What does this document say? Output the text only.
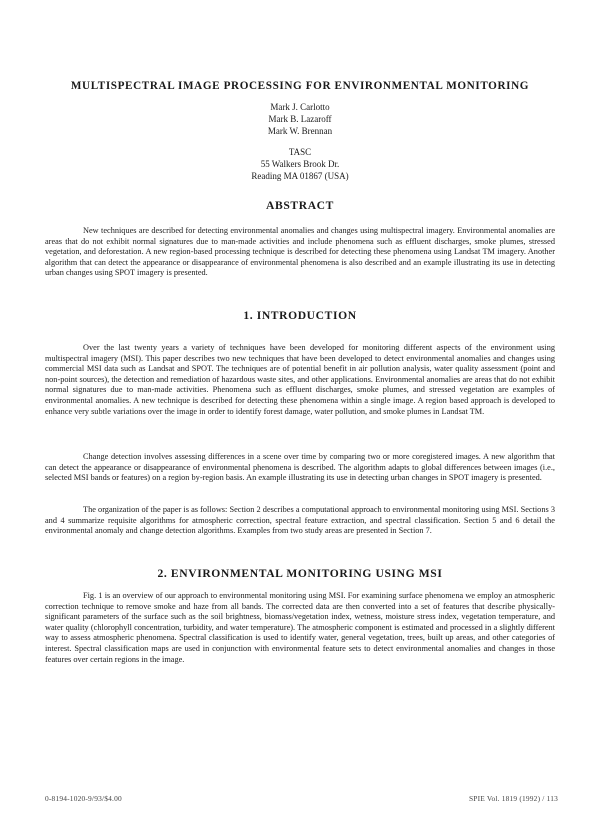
MULTISPECTRAL IMAGE PROCESSING FOR ENVIRONMENTAL MONITORING
Mark J. Carlotto
Mark B. Lazaroff
Mark W. Brennan
TASC
55 Walkers Brook Dr.
Reading MA 01867 (USA)
ABSTRACT

New techniques are described for detecting environmental anomalies and changes using multispectral imagery. Environmental anomalies are areas that do not exhibit normal signatures due to man-made activities and include phenomena such as effluent discharges, smoke plumes, stressed vegetation, and deforestation. A new region-based processing technique is described for detecting these phenomena using Landsat TM imagery. Another algorithm that can detect the appearance or disappearance of environmental phenomena is also described and an example illustrating its use in detecting urban changes using SPOT imagery is presented.

1. INTRODUCTION

Over the last twenty years a variety of techniques have been developed for monitoring different aspects of the environment using multispectral imagery (MSI). This paper describes two new techniques that have been developed to detect environmental anomalies and changes using commercial MSI data such as Landsat and SPOT. The techniques are of potential benefit in air pollution analysis, water quality assessment (point and non-point sources), the detection and remediation of hazardous waste sites, and other applications. Environmental anomalies are areas that do not exhibit normal signatures due to man-made activities. Phenomena such as effluent discharges, smoke plumes, and stressed vegetation are examples of environmental anomalies. A new technique is described for detecting these phenomena within a single image. A region based approach is developed to enhance very subtle variations over the image in order to identify forest damage, water pollution, and smoke plumes in Landsat TM.

Change detection involves assessing differences in a scene over time by comparing two or more coregistered images. A new algorithm that can detect the appearance or disappearance of environmental phenomena is described. The algorithm adapts to global differences between images (i.e., selected MSI bands or features) on a region by-region basis. An example illustrating its use in detecting urban changes in SPOT imagery is presented.

The organization of the paper is as follows: Section 2 describes a computational approach to environmental monitoring using MSI. Sections 3 and 4 summarize requisite algorithms for atmospheric correction, spectral feature extraction, and spectral classification. Section 5 and 6 detail the environmental anomaly and change detection algorithms. Examples from two study areas are presented in Section 7.

2. ENVIRONMENTAL MONITORING USING MSI

Fig. 1 is an overview of our approach to environmental monitoring using MSI. For examining surface phenomena we employ an atmospheric correction technique to remove smoke and haze from all bands. The corrected data are then converted into a set of features that describe physically-significant parameters of the surface such as the soil brightness, biomass/vegetation index, wetness, moisture stress index, vegetation temperature, and water quality (chlorophyll concentration, turbidity, and water temperature). The atmospheric component is estimated and processed in a slightly different way to assess atmospheric phenomena. Spectral classification is used to identify water, general vegetation, trees, built up areas, and other categories of interest. Spectral classification maps are used in conjunction with environmental feature sets to detect environmental anomalies and changes in those features over certain regions in the image.

0-8194-1020-9/93/$4.00	SPIE Vol. 1819 (1992) / 113
